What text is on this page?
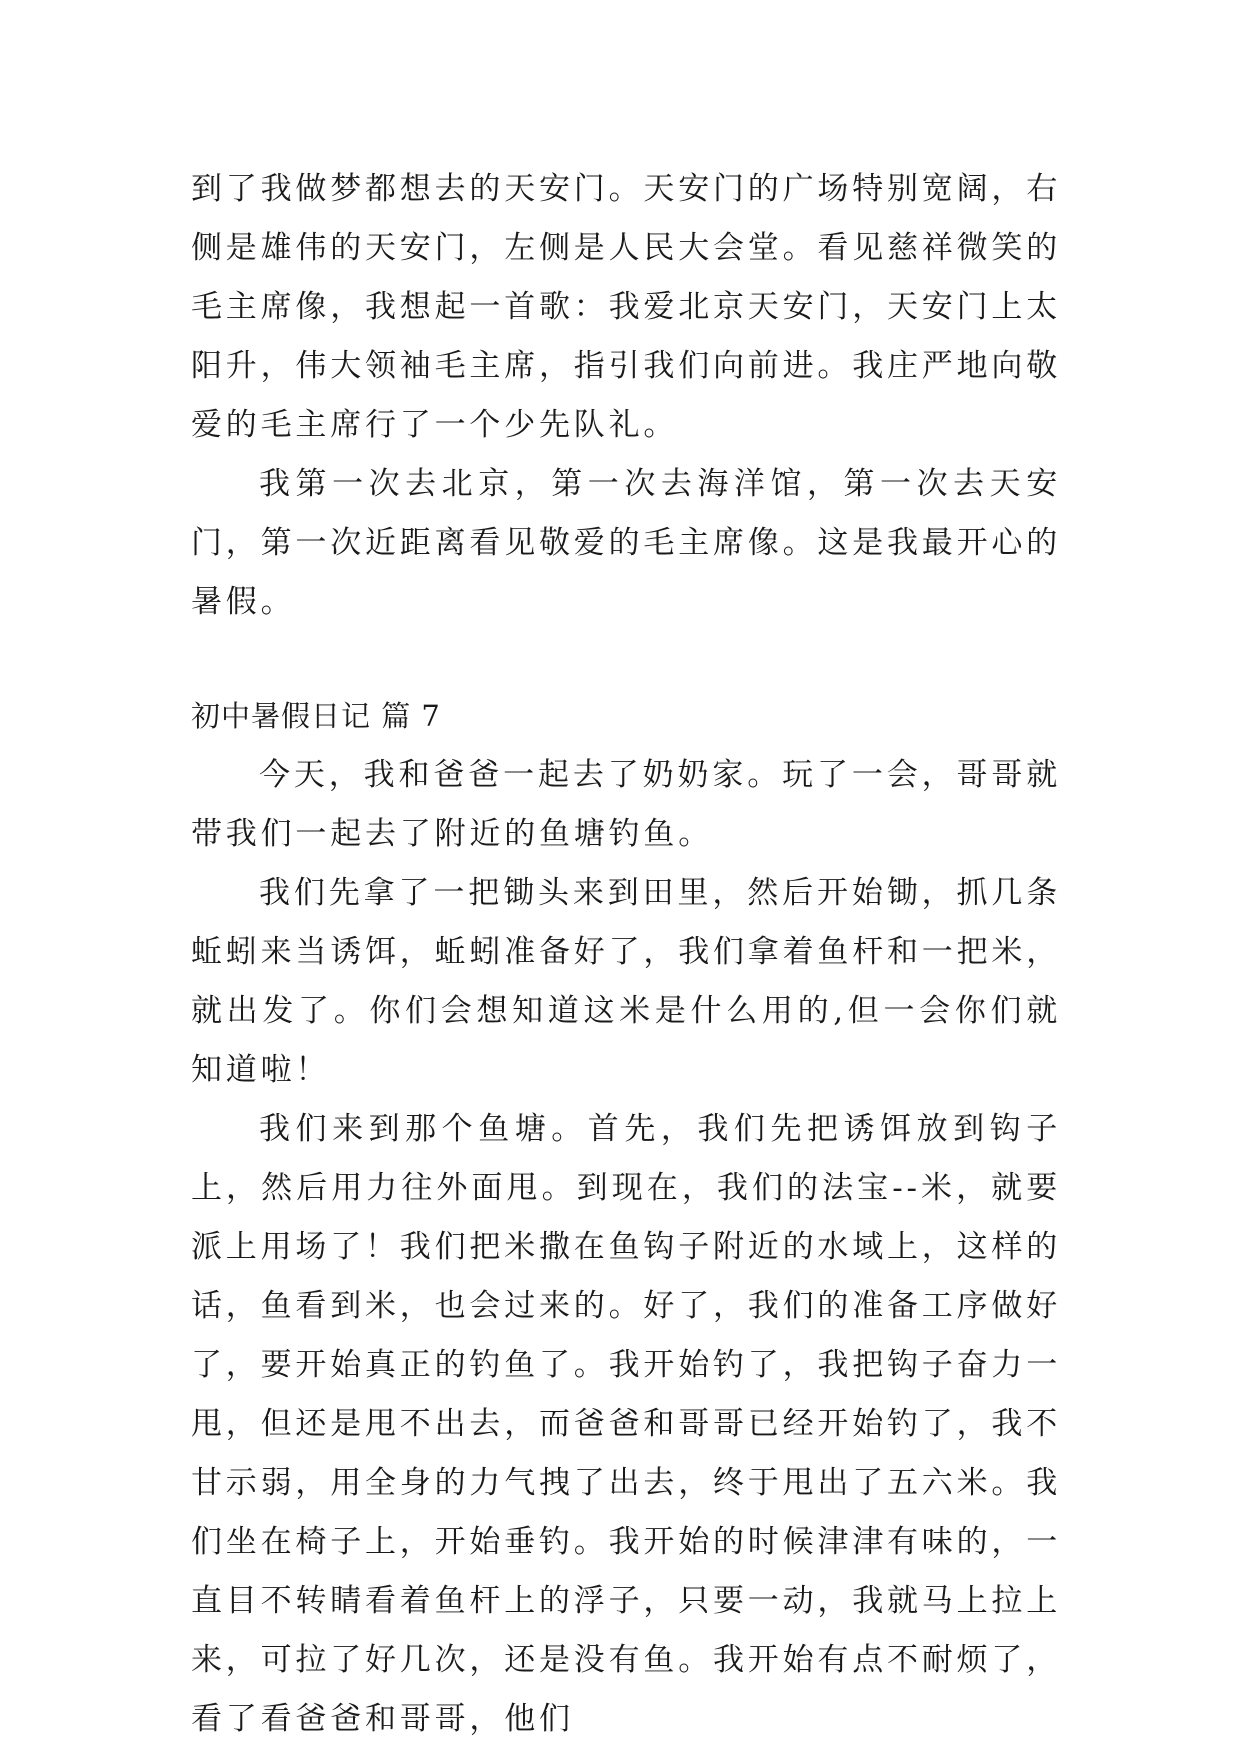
到了我做梦都想去的天安门。天安门的广场特别宽阔，右侧是雄伟的天安门，左侧是人民大会堂。看见慈祥微笑的毛主席像，我想起一首歌：我爱北京天安门，天安门上太阳升，伟大领袖毛主席，指引我们向前进。我庄严地向敬爱的毛主席行了一个少先队礼。

我第一次去北京，第一次去海洋馆，第一次去天安门，第一次近距离看见敬爱的毛主席像。这是我最开心的暑假。

初中暑假日记 篇 7

今天，我和爸爸一起去了奶奶家。玩了一会，哥哥就带我们一起去了附近的鱼塘钓鱼。

我们先拿了一把锄头来到田里，然后开始锄，抓几条蚯蚓来当诱饵，蚯蚓准备好了，我们拿着鱼杆和一把米，就出发了。你们会想知道这米是什么用的,但一会你们就知道啦！

我们来到那个鱼塘。首先，我们先把诱饵放到钩子上，然后用力往外面甩。到现在，我们的法宝--米，就要派上用场了！我们把米撒在鱼钩子附近的水域上，这样的话，鱼看到米，也会过来的。好了，我们的准备工序做好了，要开始真正的钓鱼了。我开始钓了，我把钩子奋力一甩，但还是甩不出去，而爸爸和哥哥已经开始钓了，我不甘示弱，用全身的力气拽了出去，终于甩出了五六米。我们坐在椅子上，开始垂钓。我开始的时候津津有味的，一直目不转睛看着鱼杆上的浮子，只要一动，我就马上拉上来，可拉了好几次，还是没有鱼。我开始有点不耐烦了，看了看爸爸和哥哥，他们
